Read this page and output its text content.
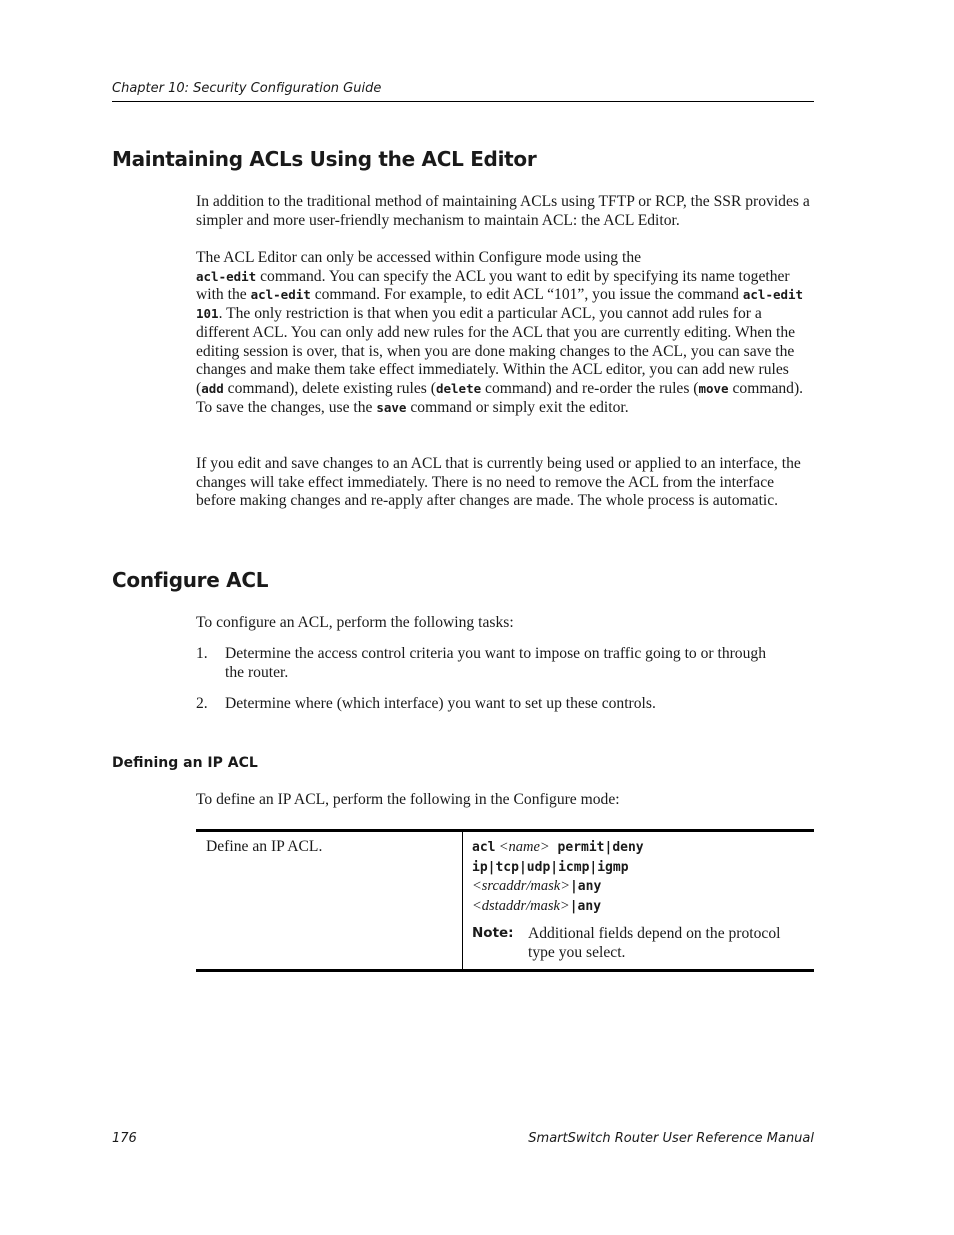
Chapter 10: Security Configuration Guide
Maintaining ACLs Using the ACL Editor

In addition to the traditional method of maintaining ACLs using TFTP or RCP, the SSR provides a simpler and more user-friendly mechanism to maintain ACL: the ACL Editor.

The ACL Editor can only be accessed within Configure mode using the
acl-edit command. You can specify the ACL you want to edit by specifying its name together with the acl-edit command. For example, to edit ACL “101”, you issue the command acl-edit 101. The only restriction is that when you edit a particular ACL, you cannot add rules for a different ACL. You can only add new rules for the ACL that you are currently editing. When the editing session is over, that is, when you are done making changes to the ACL, you can save the changes and make them take effect immediately. Within the ACL editor, you can add new rules (add command), delete existing rules (delete command) and re-order the rules (move command). To save the changes, use the save command or simply exit the editor.

If you edit and save changes to an ACL that is currently being used or applied to an interface, the changes will take effect immediately. There is no need to remove the ACL from the interface before making changes and re-apply after changes are made. The whole process is automatic.

Configure ACL

To configure an ACL, perform the following tasks:

1. Determine the access control criteria you want to impose on traffic going to or through the router.
2. Determine where (which interface) you want to set up these controls.
Defining an IP ACL

To define an IP ACL, perform the following in the Configure mode:

Define an IP ACL.	acl <name> permit|deny
ip|tcp|udp|icmp|igmp
<srcaddr/mask>|any
<dstaddr/mask>|any
Note: Additional fields depend on the protocol type you select.
176	SmartSwitch Router User Reference Manual
